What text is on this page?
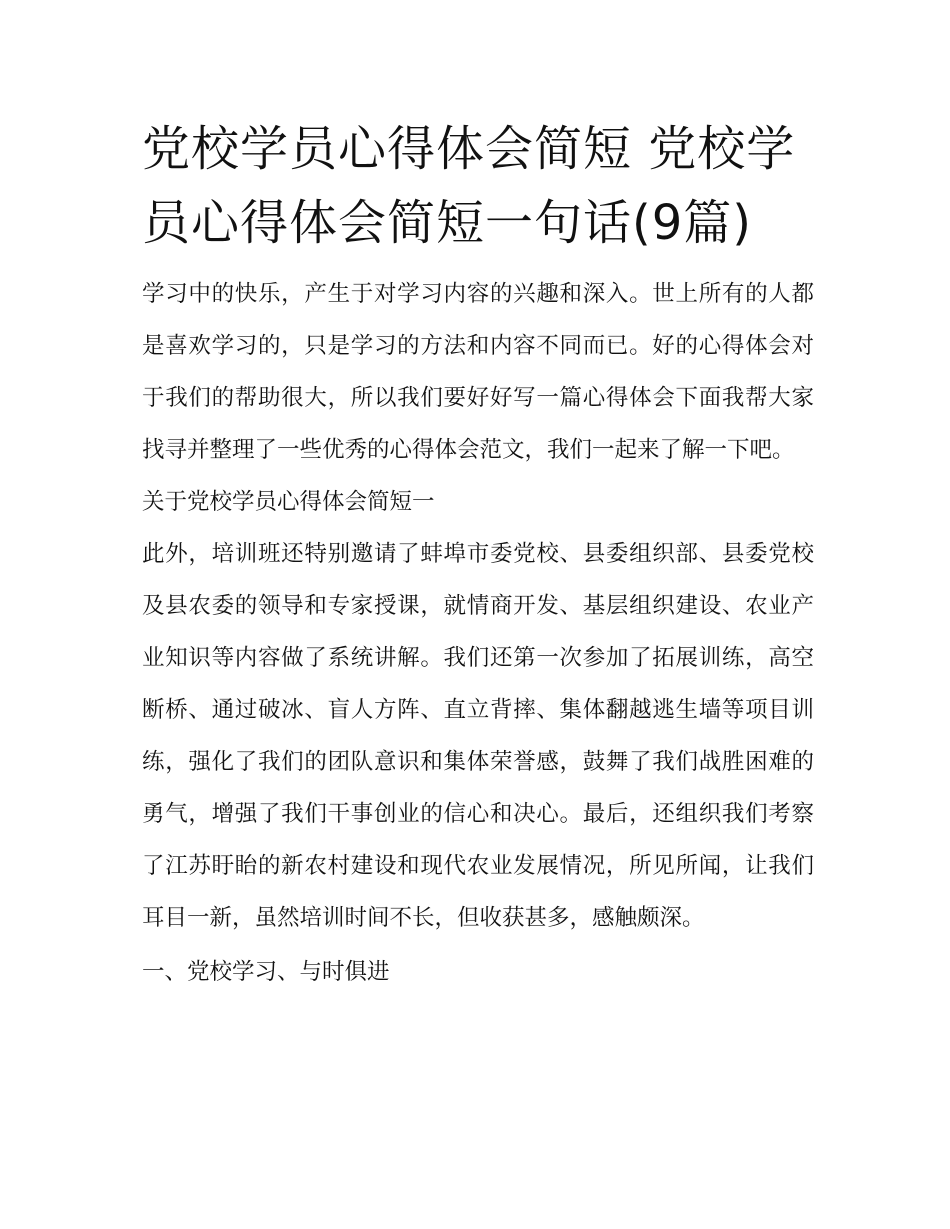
党校学员心得体会简短 党校学员心得体会简短一句话(9篇)

学习中的快乐，产生于对学习内容的兴趣和深入。世上所有的人都是喜欢学习的，只是学习的方法和内容不同而已。好的心得体会对于我们的帮助很大，所以我们要好好写一篇心得体会下面我帮大家找寻并整理了一些优秀的心得体会范文，我们一起来了解一下吧。

关于党校学员心得体会简短一

此外，培训班还特别邀请了蚌埠市委党校、县委组织部、县委党校及县农委的领导和专家授课，就情商开发、基层组织建设、农业产业知识等内容做了系统讲解。我们还第一次参加了拓展训练，高空断桥、通过破冰、盲人方阵、直立背摔、集体翻越逃生墙等项目训练，强化了我们的团队意识和集体荣誉感，鼓舞了我们战胜困难的勇气，增强了我们干事创业的信心和决心。最后，还组织我们考察了江苏盱眙的新农村建设和现代农业发展情况，所见所闻，让我们耳目一新，虽然培训时间不长，但收获甚多，感触颇深。

一、党校学习、与时俱进
